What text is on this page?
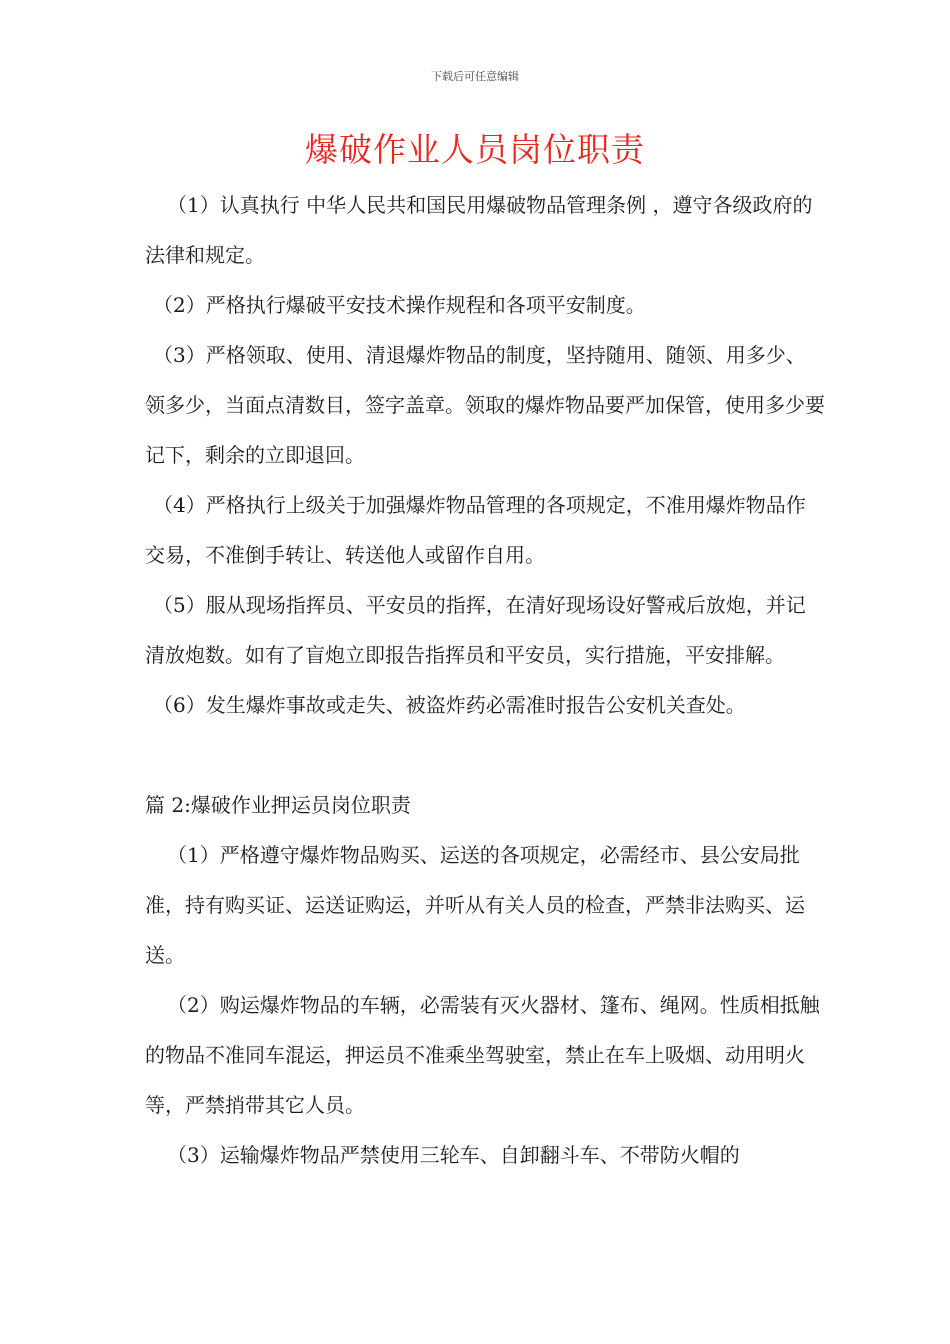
下载后可任意编辑
爆破作业人员岗位职责

（1）认真执行 中华人民共和国民用爆破物品管理条例 ，遵守各级政府的法律和规定。

（2）严格执行爆破平安技术操作规程和各项平安制度。

（3）严格领取、使用、清退爆炸物品的制度，坚持随用、随领、用多少、领多少，当面点清数目，签字盖章。领取的爆炸物品要严加保管，使用多少要记下，剩余的立即退回。

（4）严格执行上级关于加强爆炸物品管理的各项规定，不准用爆炸物品作交易，不准倒手转让、转送他人或留作自用。

（5）服从现场指挥员、平安员的指挥，在清好现场设好警戒后放炮，并记清放炮数。如有了盲炮立即报告指挥员和平安员，实行措施，平安排解。

（6）发生爆炸事故或走失、被盗炸药必需准时报告公安机关查处。

篇 2:爆破作业押运员岗位职责

（1）严格遵守爆炸物品购买、运送的各项规定，必需经市、县公安局批准，持有购买证、运送证购运，并听从有关人员的检查，严禁非法购买、运送。

（2）购运爆炸物品的车辆，必需装有灭火器材、篷布、绳网。性质相抵触的物品不准同车混运，押运员不准乘坐驾驶室，禁止在车上吸烟、动用明火等，严禁捎带其它人员。

（3）运输爆炸物品严禁使用三轮车、自卸翻斗车、不带防火帽的
